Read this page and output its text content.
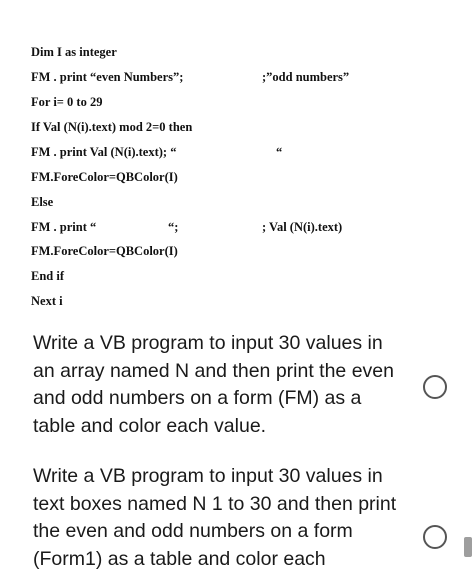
Dim I as integer
FM . print “even Numbers”;	;”odd numbers”
For i= 0 to 29
If Val (N(i).text) mod 2=0 then
FM . print Val (N(i).text); “	“
FM.ForeColor=QBColor(I)
Else
FM . print “	“;	; Val (N(i).text)
FM.ForeColor=QBColor(I)
End if
Next i
Write a VB program to input 30 values in an array named N and then print the even and odd numbers on a form (FM) as a table and color each value.
Write a VB program to input 30 values in text boxes named N 1 to 30 and then print the even and odd numbers on a form (Form1) as a table and color each
